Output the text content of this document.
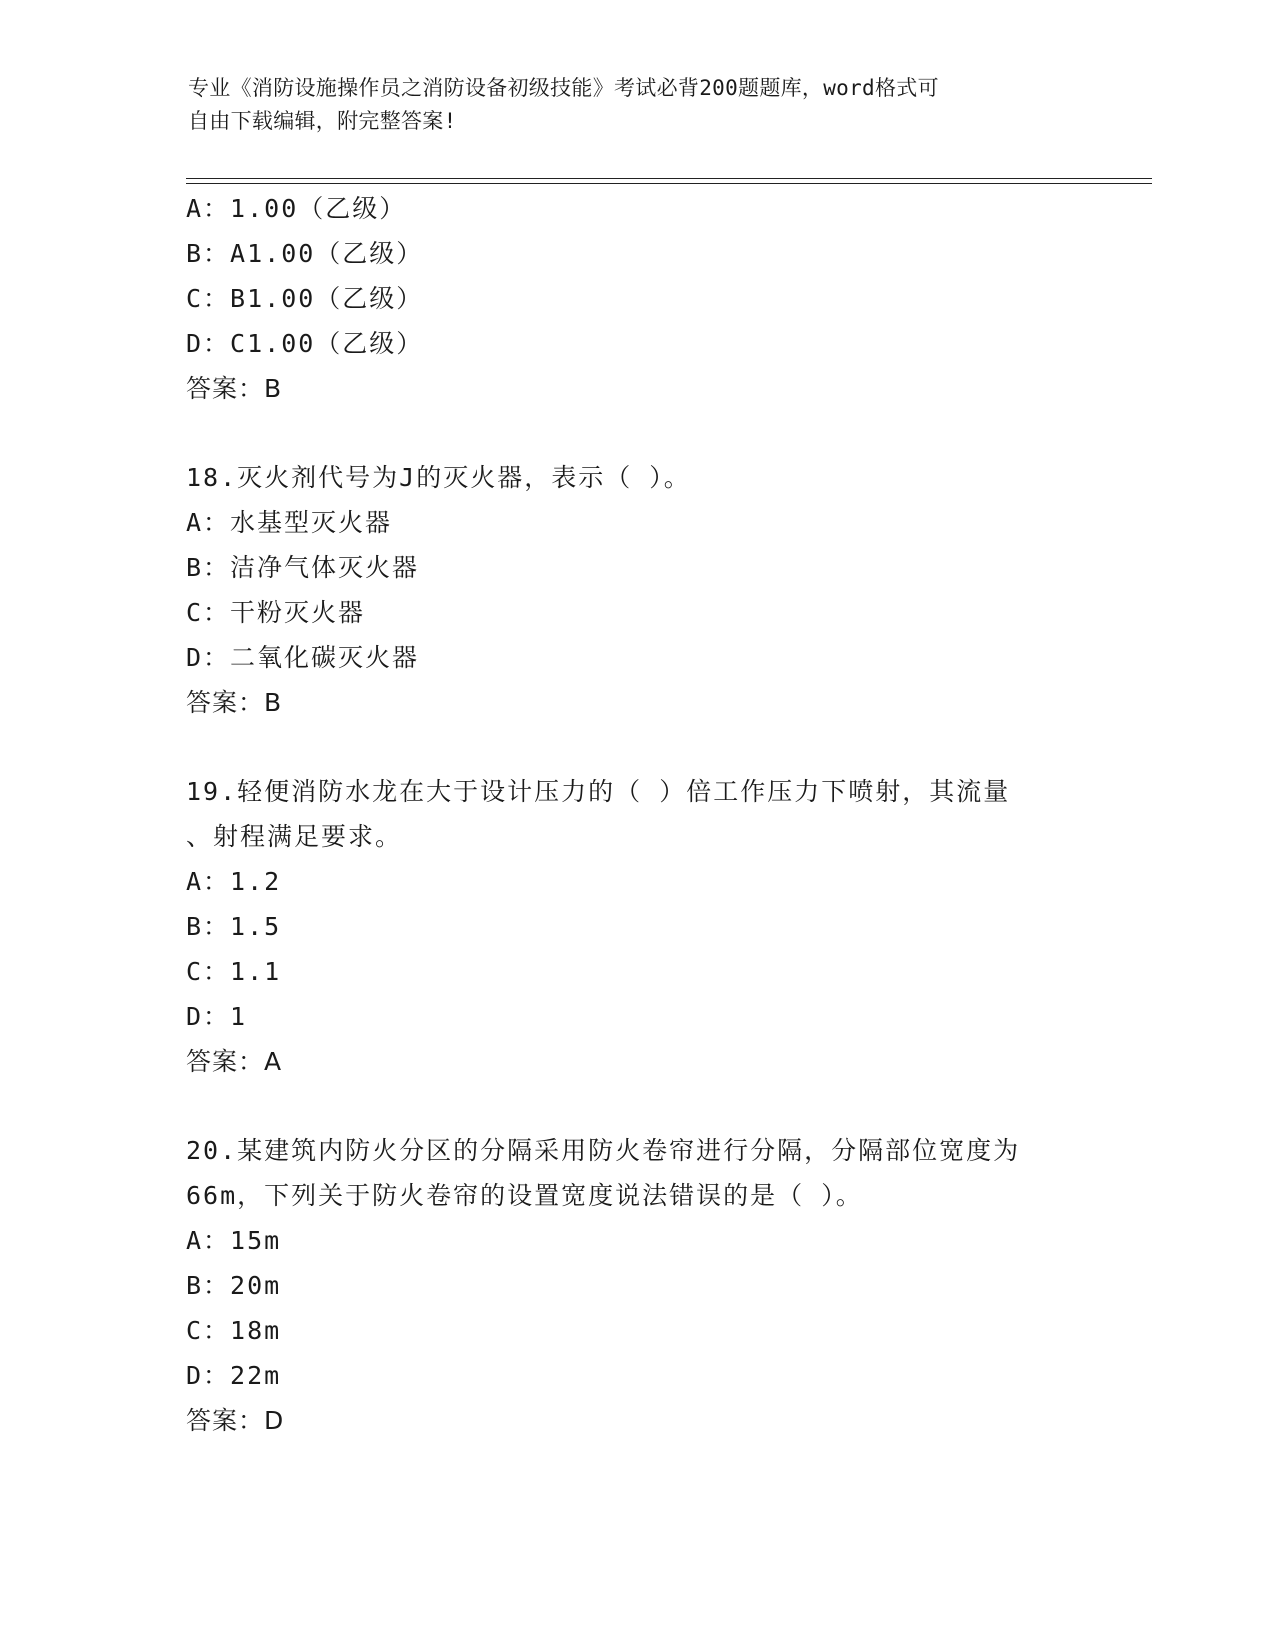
专业《消防设施操作员之消防设备初级技能》考试必背200题题库，word格式可
自由下载编辑，附完整答案!
A：1.00（乙级）
B：A1.00（乙级）
C：B1.00（乙级）
D：C1.00（乙级）
答案：B
18.灭火剂代号为J的灭火器，表示（ ）。
A：水基型灭火器
B：洁净气体灭火器
C：干粉灭火器
D：二氧化碳灭火器
答案：B
19.轻便消防水龙在大于设计压力的（ ）倍工作压力下喷射，其流量
、射程满足要求。
A：1.2
B：1.5
C：1.1
D：1
答案：A
20.某建筑内防火分区的分隔采用防火卷帘进行分隔，分隔部位宽度为
66m，下列关于防火卷帘的设置宽度说法错误的是（ ）。
A：15m
B：20m
C：18m
D：22m
答案：D
